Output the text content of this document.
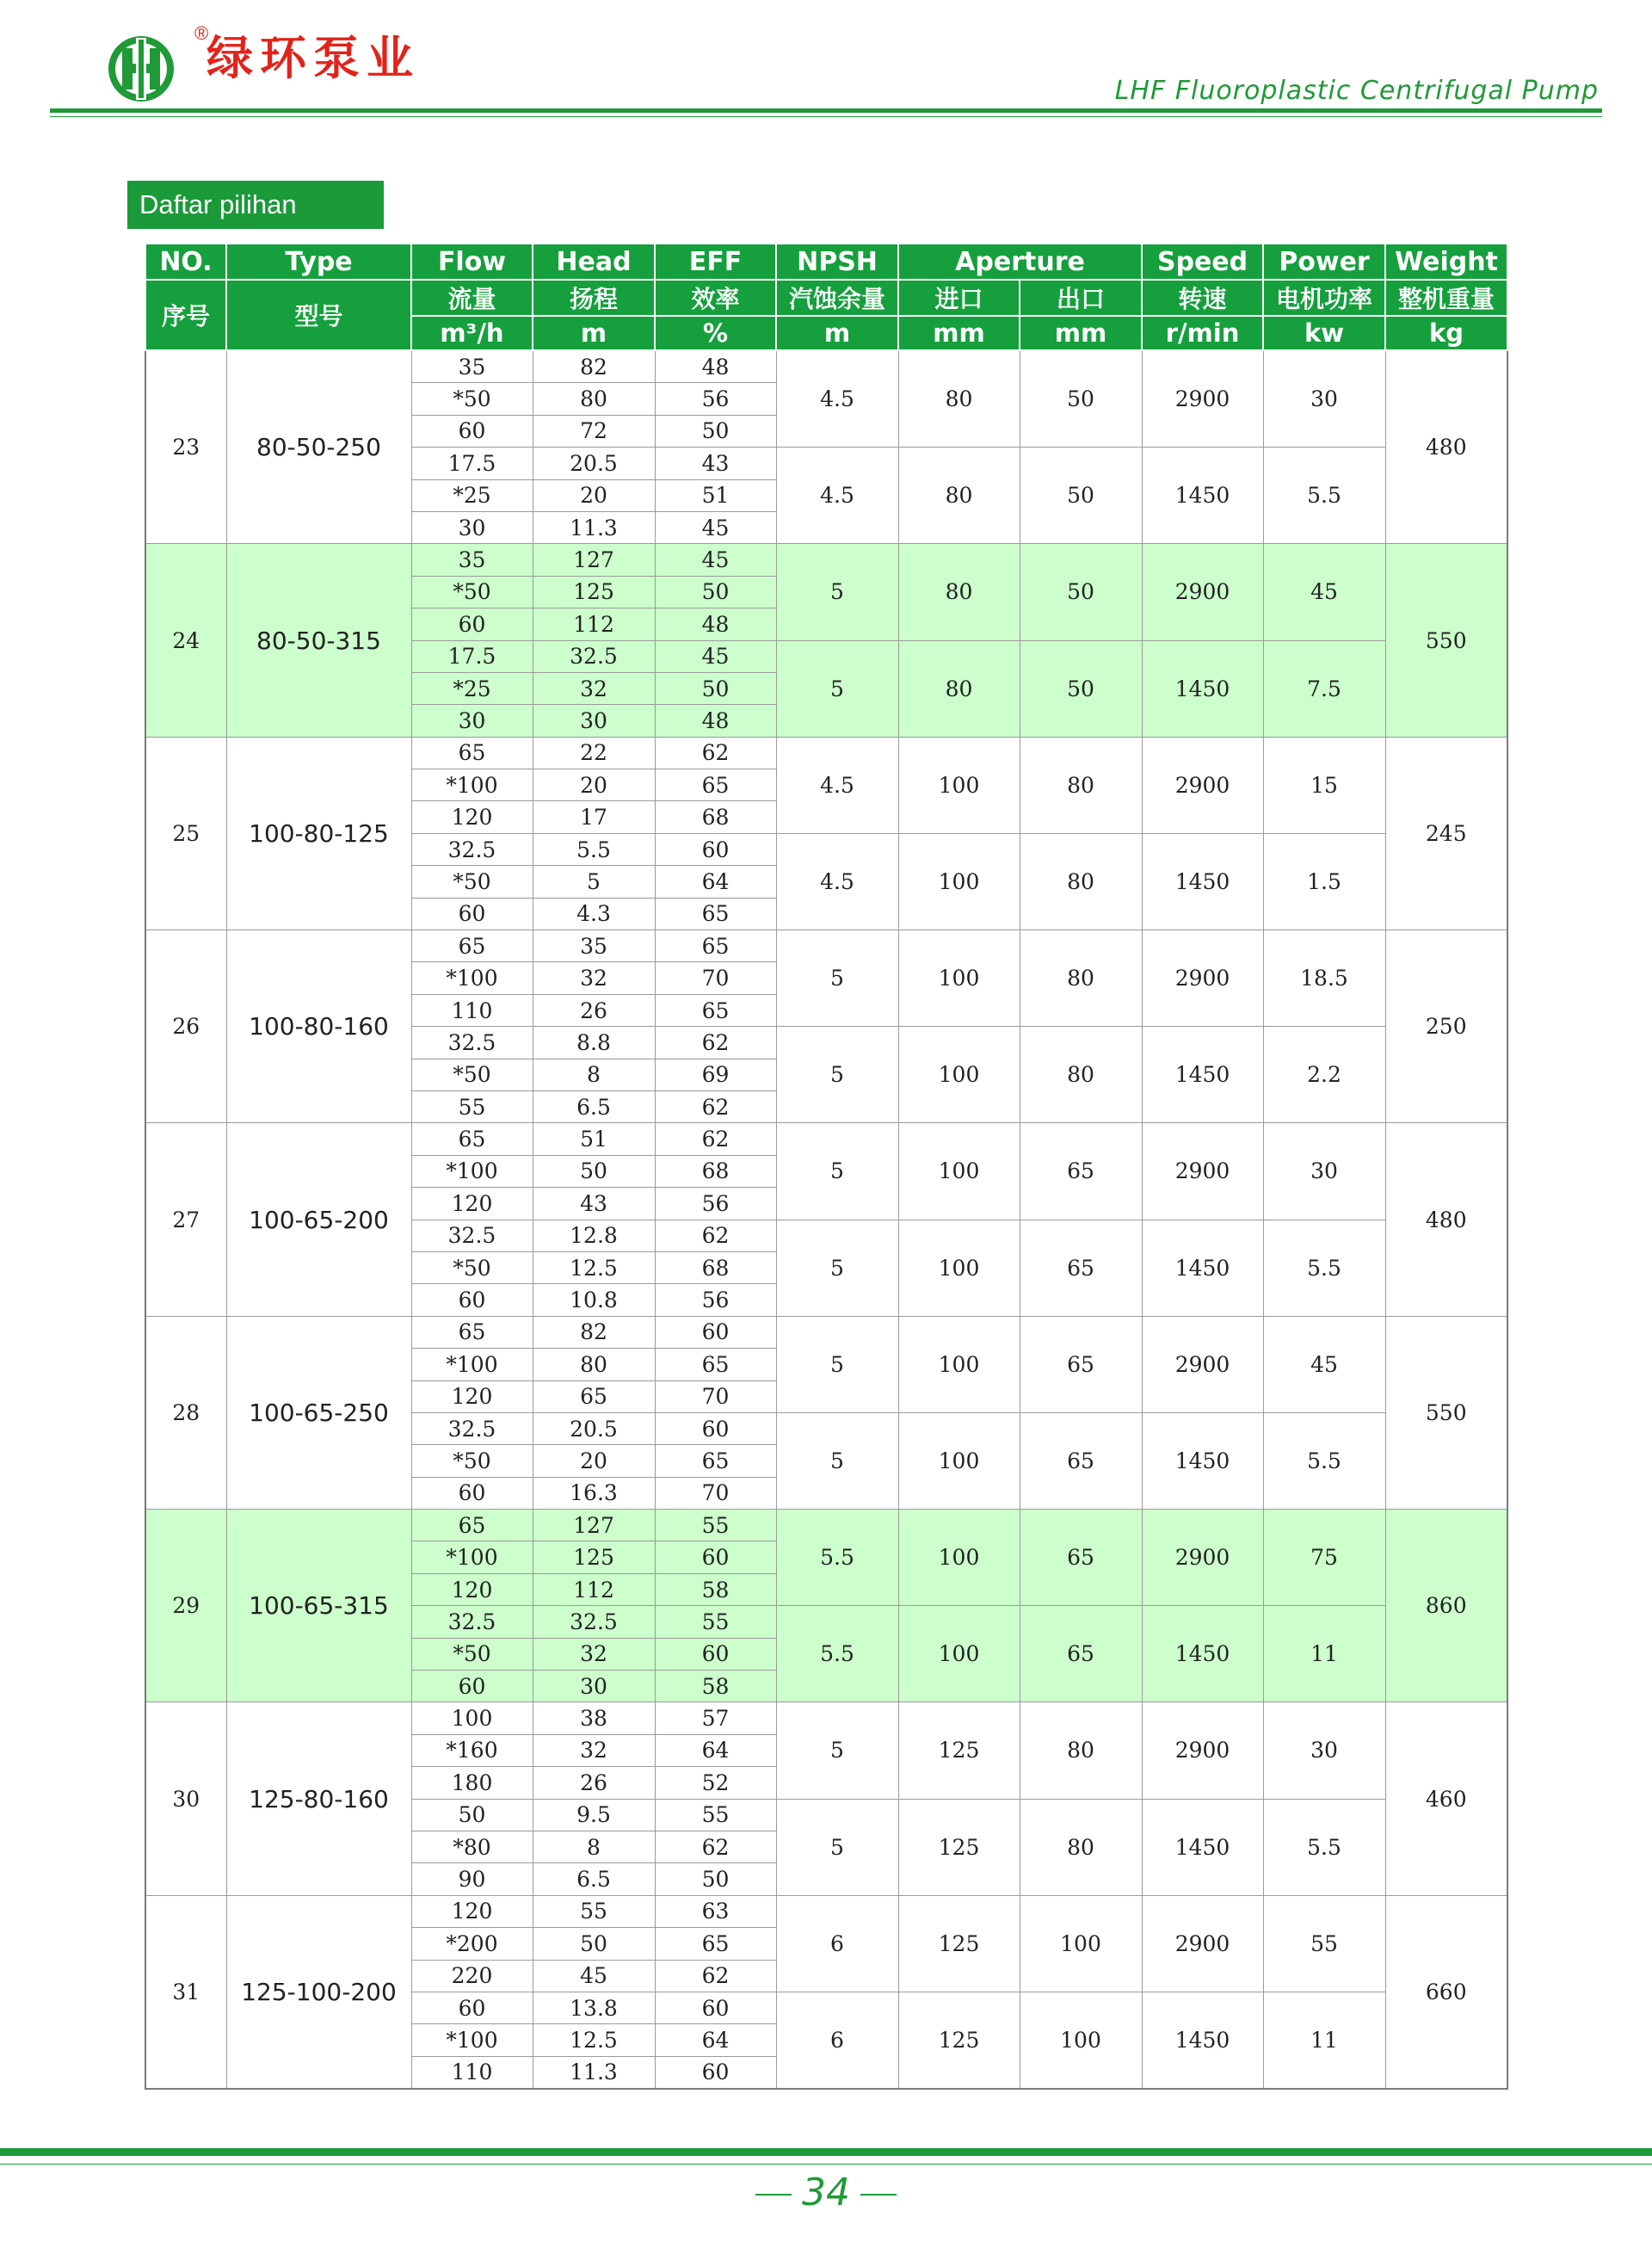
®
绿环泵业
LHF Fluoroplastic Centrifugal Pump
Daftar pilihan
NO.	Type	Flow	Head	EFF	NPSH	Aperture		Speed	Power	Weight
序号	型号	流量	扬程	效率	汽蚀余量	进口	出口	转速	电机功率	整机重量
		m³/h	m	%	m	mm	mm	r/min	kw	kg
23	80-50-250	35	82	48	4.5	80	50	2900	30	480
		*50	80	56						
		60	72	50						
		17.5	20.5	43	4.5	80	50	1450	5.5	
		*25	20	51						
		30	11.3	45						
24	80-50-315	35	127	45	5	80	50	2900	45	550
		*50	125	50						
		60	112	48						
		17.5	32.5	45	5	80	50	1450	7.5	
		*25	32	50						
		30	30	48						
25	100-80-125	65	22	62	4.5	100	80	2900	15	245
		*100	20	65						
		120	17	68						
		32.5	5.5	60	4.5	100	80	1450	1.5	
		*50	5	64						
		60	4.3	65						
26	100-80-160	65	35	65	5	100	80	2900	18.5	250
		*100	32	70						
		110	26	65						
		32.5	8.8	62	5	100	80	1450	2.2	
		*50	8	69						
		55	6.5	62						
27	100-65-200	65	51	62	5	100	65	2900	30	480
		*100	50	68						
		120	43	56						
		32.5	12.8	62	5	100	65	1450	5.5	
		*50	12.5	68						
		60	10.8	56						
28	100-65-250	65	82	60	5	100	65	2900	45	550
		*100	80	65						
		120	65	70						
		32.5	20.5	60	5	100	65	1450	5.5	
		*50	20	65						
		60	16.3	70						
29	100-65-315	65	127	55	5.5	100	65	2900	75	860
		*100	125	60						
		120	112	58						
		32.5	32.5	55	5.5	100	65	1450	11	
		*50	32	60						
		60	30	58						
30	125-80-160	100	38	57	5	125	80	2900	30	460
		*160	32	64						
		180	26	52						
		50	9.5	55	5	125	80	1450	5.5	
		*80	8	62						
		90	6.5	50						
31	125-100-200	120	55	63	6	125	100	2900	55	660
		*200	50	65						
		220	45	62						
		60	13.8	60	6	125	100	1450	11	
		*100	12.5	64						
		110	11.3	60						
34
